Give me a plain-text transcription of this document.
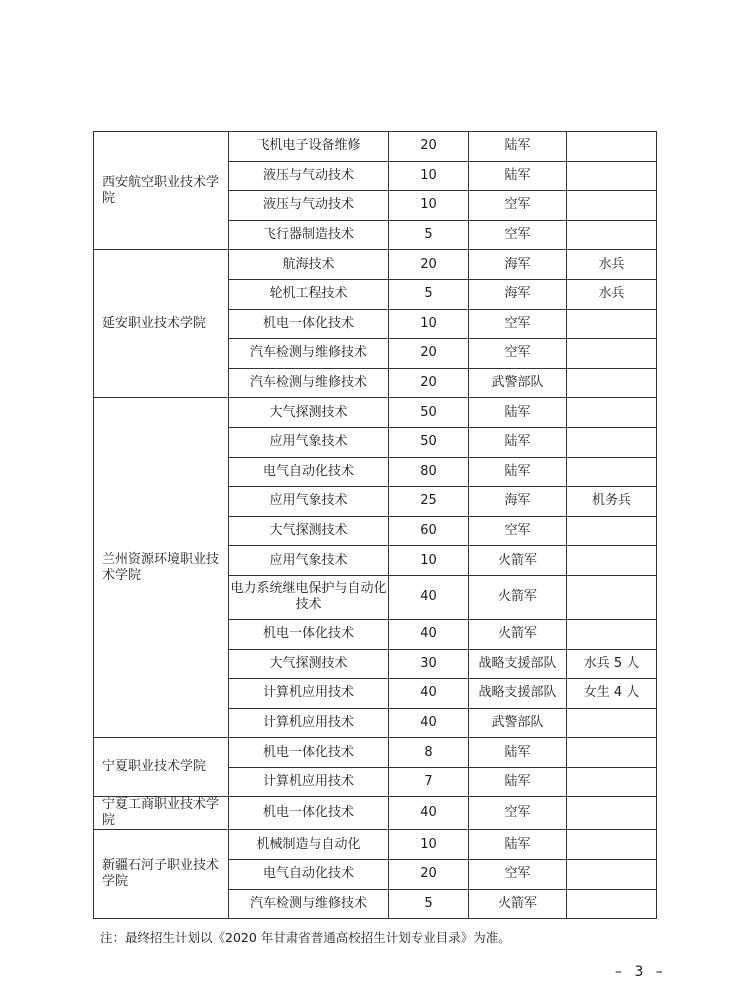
西安航空职业技术学院	飞机电子设备维修	20	陆军	
	液压与气动技术	10	陆军	
	液压与气动技术	10	空军	
	飞行器制造技术	5	空军	
延安职业技术学院	航海技术	20	海军	水兵
	轮机工程技术	5	海军	水兵
	机电一体化技术	10	空军	
	汽车检测与维修技术	20	空军	
	汽车检测与维修技术	20	武警部队	
兰州资源环境职业技术学院	大气探测技术	50	陆军	
	应用气象技术	50	陆军	
	电气自动化技术	80	陆军	
	应用气象技术	25	海军	机务兵
	大气探测技术	60	空军	
	应用气象技术	10	火箭军	
	电力系统继电保护与自动化技术	40	火箭军	
	机电一体化技术	40	火箭军	
	大气探测技术	30	战略支援部队	水兵 5 人
	计算机应用技术	40	战略支援部队	女生 4 人
	计算机应用技术	40	武警部队	
宁夏职业技术学院	机电一体化技术	8	陆军	
	计算机应用技术	7	陆军	
宁夏工商职业技术学院	机电一体化技术	40	空军	
新疆石河子职业技术学院	机械制造与自动化	10	陆军	
	电气自动化技术	20	空军	
	汽车检测与维修技术	5	火箭军	
注：最终招生计划以《2020 年甘肃省普通高校招生计划专业目录》为准。
– 3 –
